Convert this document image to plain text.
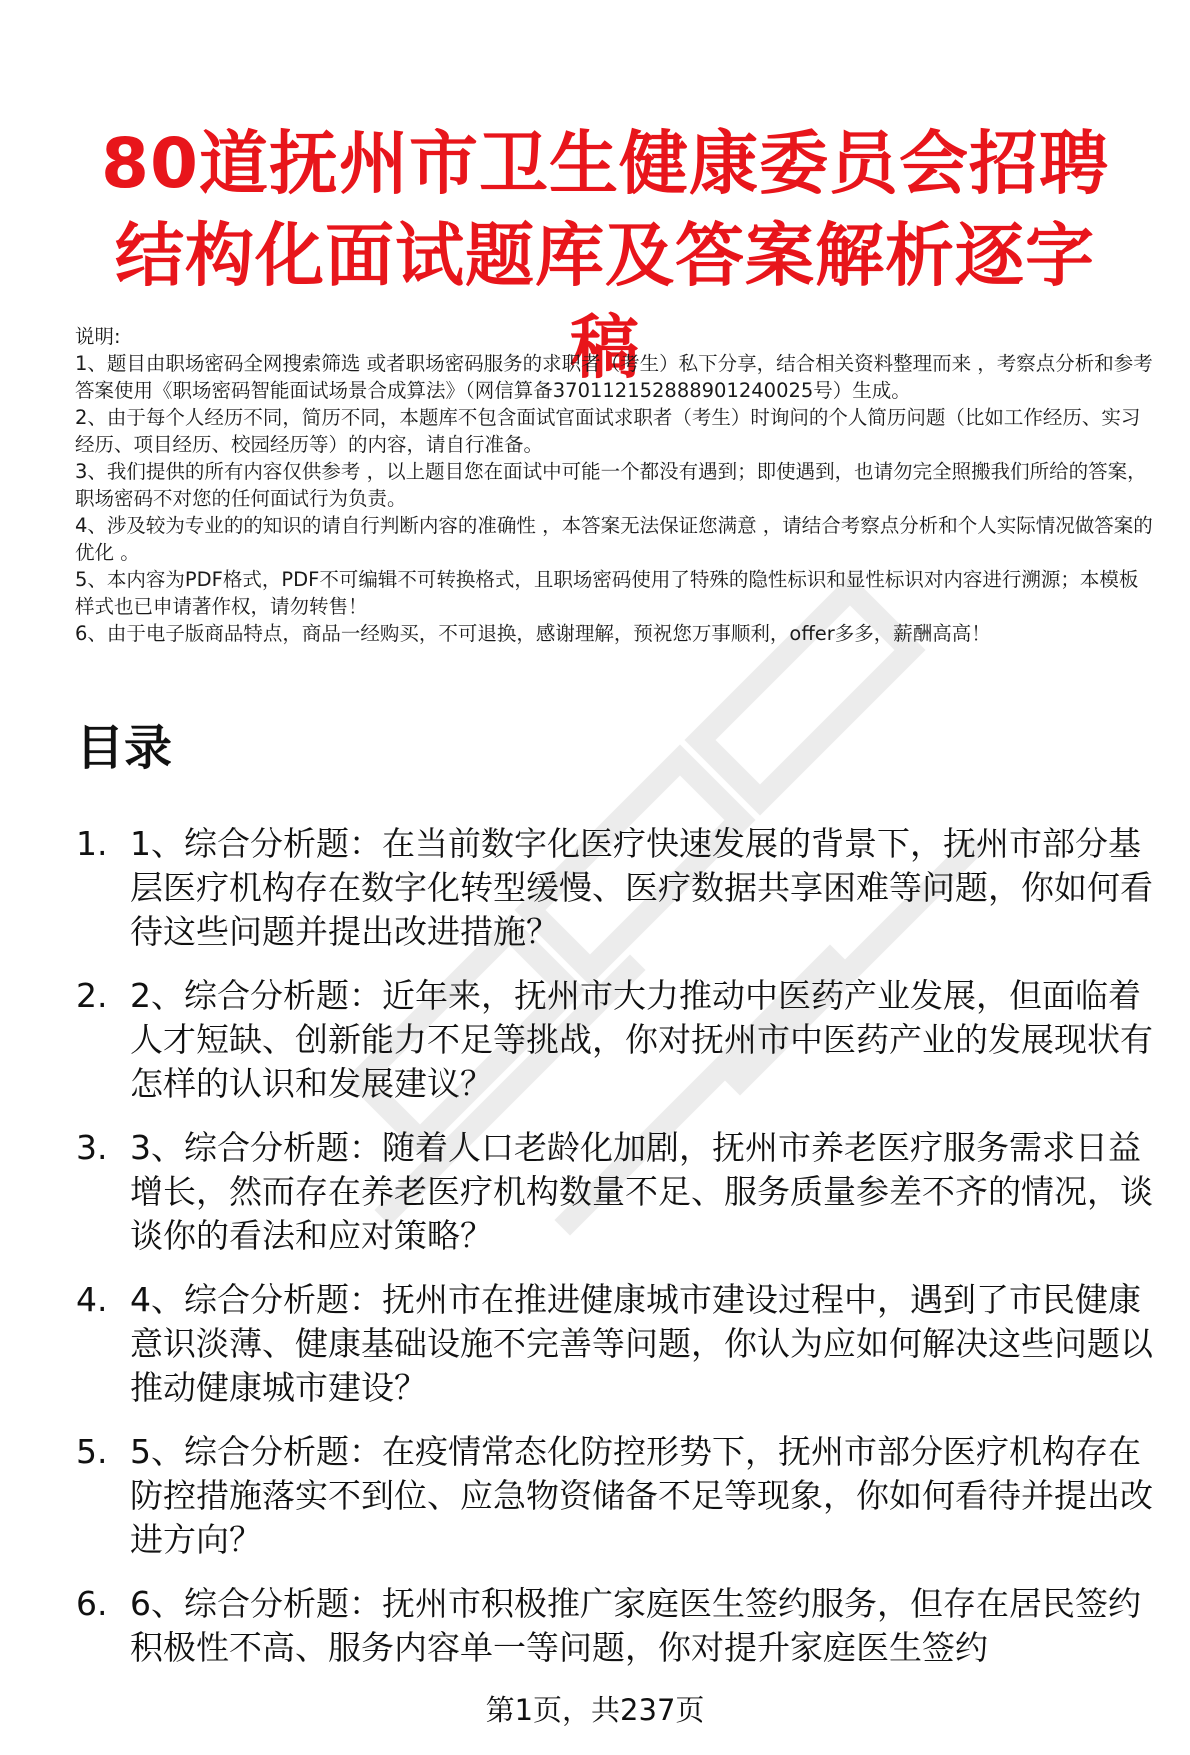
80道抚州市卫生健康委员会招聘结构化面试题库及答案解析逐字稿

说明:

1、题目由职场密码全网搜索筛选 或者职场密码服务的求职者（考生）私下分享，结合相关资料整理而来 ，考察点分析和参考答案使用《职场密码智能面试场景合成算法》（网信算备370112152888901240025号）生成。

2、由于每个人经历不同，简历不同，本题库不包含面试官面试求职者（考生）时询问的个人简历问题（比如工作经历、实习经历、项目经历、校园经历等）的内容，请自行准备。

3、我们提供的所有内容仅供参考 ，以上题目您在面试中可能一个都没有遇到；即使遇到，也请勿完全照搬我们所给的答案，职场密码不对您的任何面试行为负责。

4、涉及较为专业的的知识的请自行判断内容的准确性 ，本答案无法保证您满意 ，请结合考察点分析和个人实际情况做答案的优化 。

5、本内容为PDF格式，PDF不可编辑不可转换格式，且职场密码使用了特殊的隐性标识和显性标识对内容进行溯源；本模板样式也已申请著作权，请勿转售！

6、由于电子版商品特点，商品一经购买，不可退换，感谢理解，预祝您万事顺利，offer多多，薪酬高高！

目录
1. 1、综合分析题：在当前数字化医疗快速发展的背景下，抚州市部分基层医疗机构存在数字化转型缓慢、医疗数据共享困难等问题，你如何看待这些问题并提出改进措施？
2. 2、综合分析题：近年来，抚州市大力推动中医药产业发展，但面临着人才短缺、创新能力不足等挑战，你对抚州市中医药产业的发展现状有怎样的认识和发展建议？
3. 3、综合分析题：随着人口老龄化加剧，抚州市养老医疗服务需求日益增长，然而存在养老医疗机构数量不足、服务质量参差不齐的情况，谈谈你的看法和应对策略？
4. 4、综合分析题：抚州市在推进健康城市建设过程中，遇到了市民健康意识淡薄、健康基础设施不完善等问题，你认为应如何解决这些问题以推动健康城市建设？
5. 5、综合分析题：在疫情常态化防控形势下，抚州市部分医疗机构存在防控措施落实不到位、应急物资储备不足等现象，你如何看待并提出改进方向？
6. 6、综合分析题：抚州市积极推广家庭医生签约服务，但存在居民签约积极性不高、服务内容单一等问题，你对提升家庭医生签约
第1页，共237页
